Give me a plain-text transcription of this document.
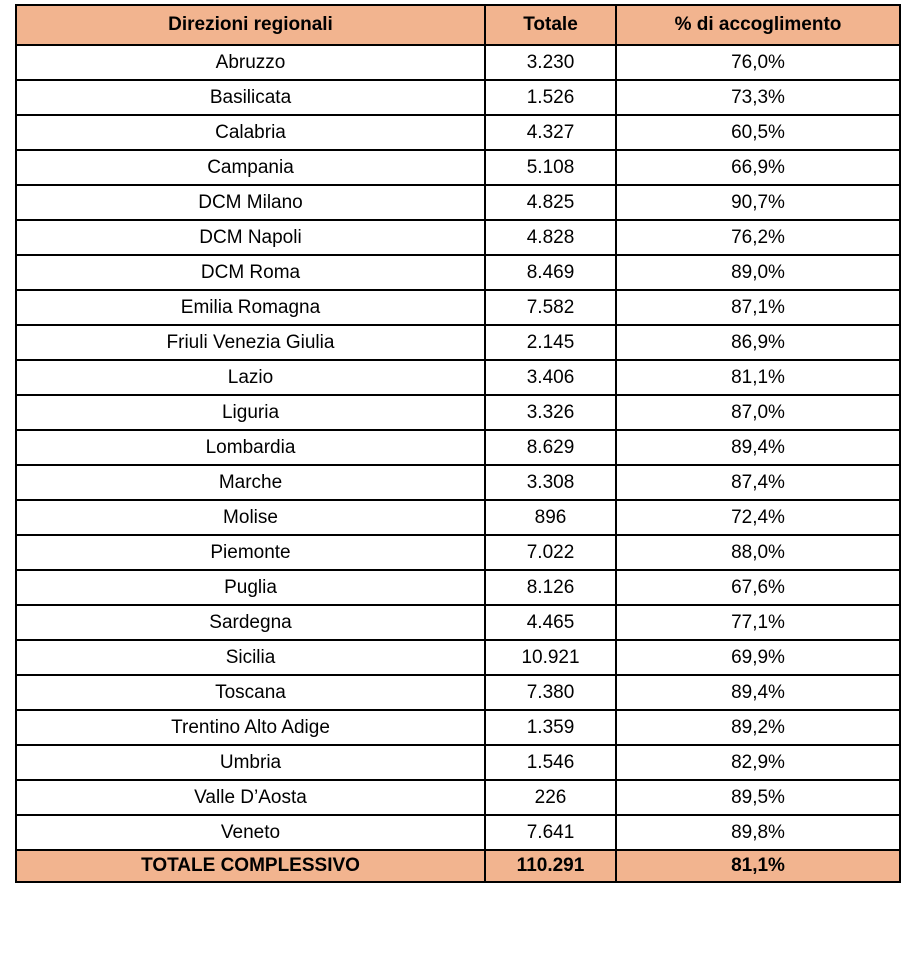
Direzioni regionali	Totale	% di accoglimento
Abruzzo	3.230	76,0%
Basilicata	1.526	73,3%
Calabria	4.327	60,5%
Campania	5.108	66,9%
DCM Milano	4.825	90,7%
DCM Napoli	4.828	76,2%
DCM Roma	8.469	89,0%
Emilia Romagna	7.582	87,1%
Friuli Venezia Giulia	2.145	86,9%
Lazio	3.406	81,1%
Liguria	3.326	87,0%
Lombardia	8.629	89,4%
Marche	3.308	87,4%
Molise	896	72,4%
Piemonte	7.022	88,0%
Puglia	8.126	67,6%
Sardegna	4.465	77,1%
Sicilia	10.921	69,9%
Toscana	7.380	89,4%
Trentino Alto Adige	1.359	89,2%
Umbria	1.546	82,9%
Valle D’Aosta	226	89,5%
Veneto	7.641	89,8%
TOTALE COMPLESSIVO	110.291	81,1%
